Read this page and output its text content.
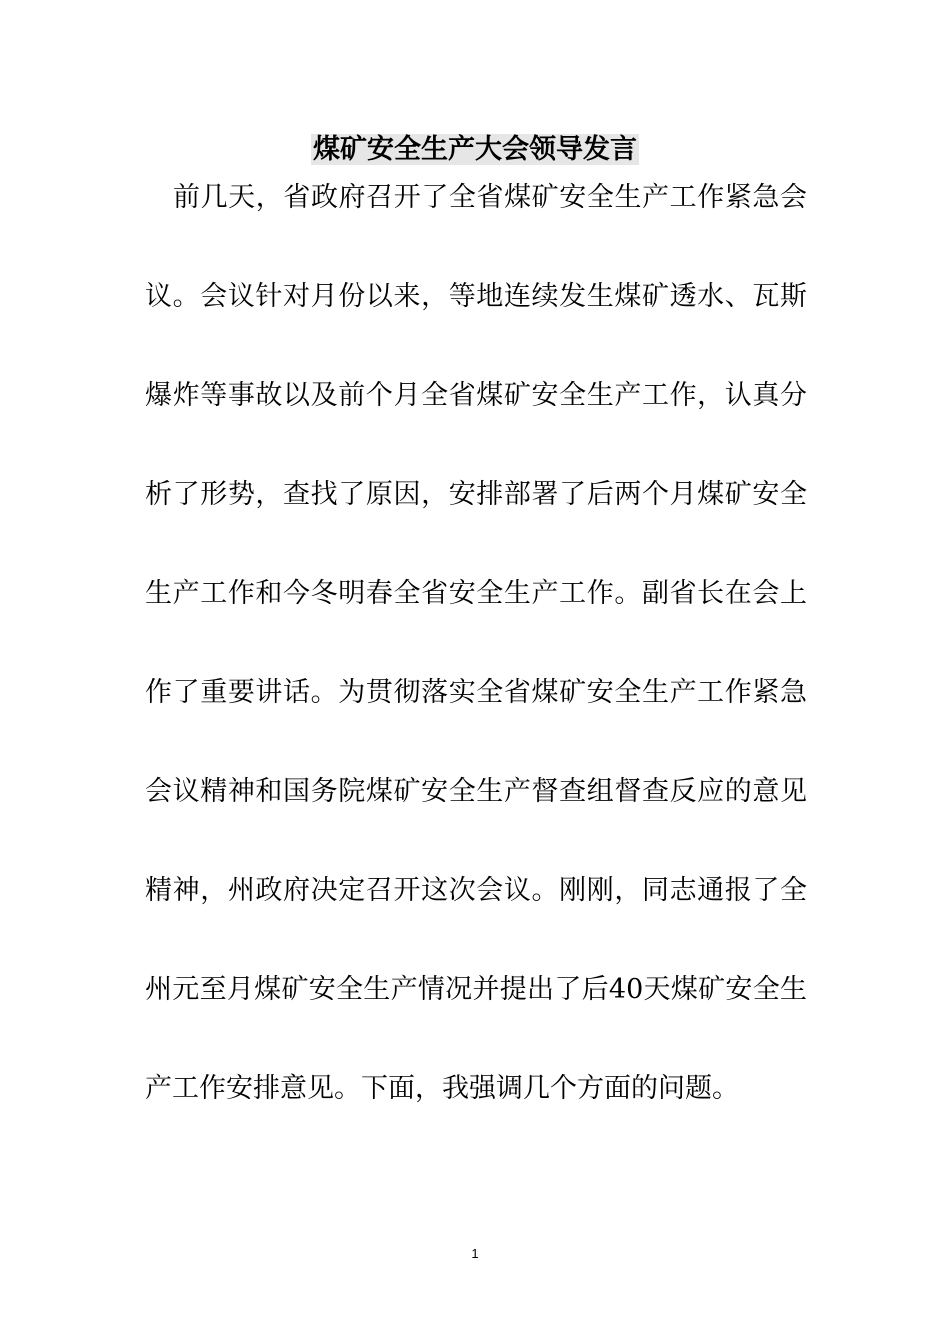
煤矿安全生产大会领导发言

前几天，省政府召开了全省煤矿安全生产工作紧急会议。会议针对月份以来，等地连续发生煤矿透水、瓦斯爆炸等事故以及前个月全省煤矿安全生产工作，认真分析了形势，查找了原因，安排部署了后两个月煤矿安全生产工作和今冬明春全省安全生产工作。副省长在会上作了重要讲话。为贯彻落实全省煤矿安全生产工作紧急会议精神和国务院煤矿安全生产督查组督查反应的意见精神，州政府决定召开这次会议。刚刚，同志通报了全州元至月煤矿安全生产情况并提出了后40天煤矿安全生产工作安排意见。下面，我强调几个方面的问题。

1
